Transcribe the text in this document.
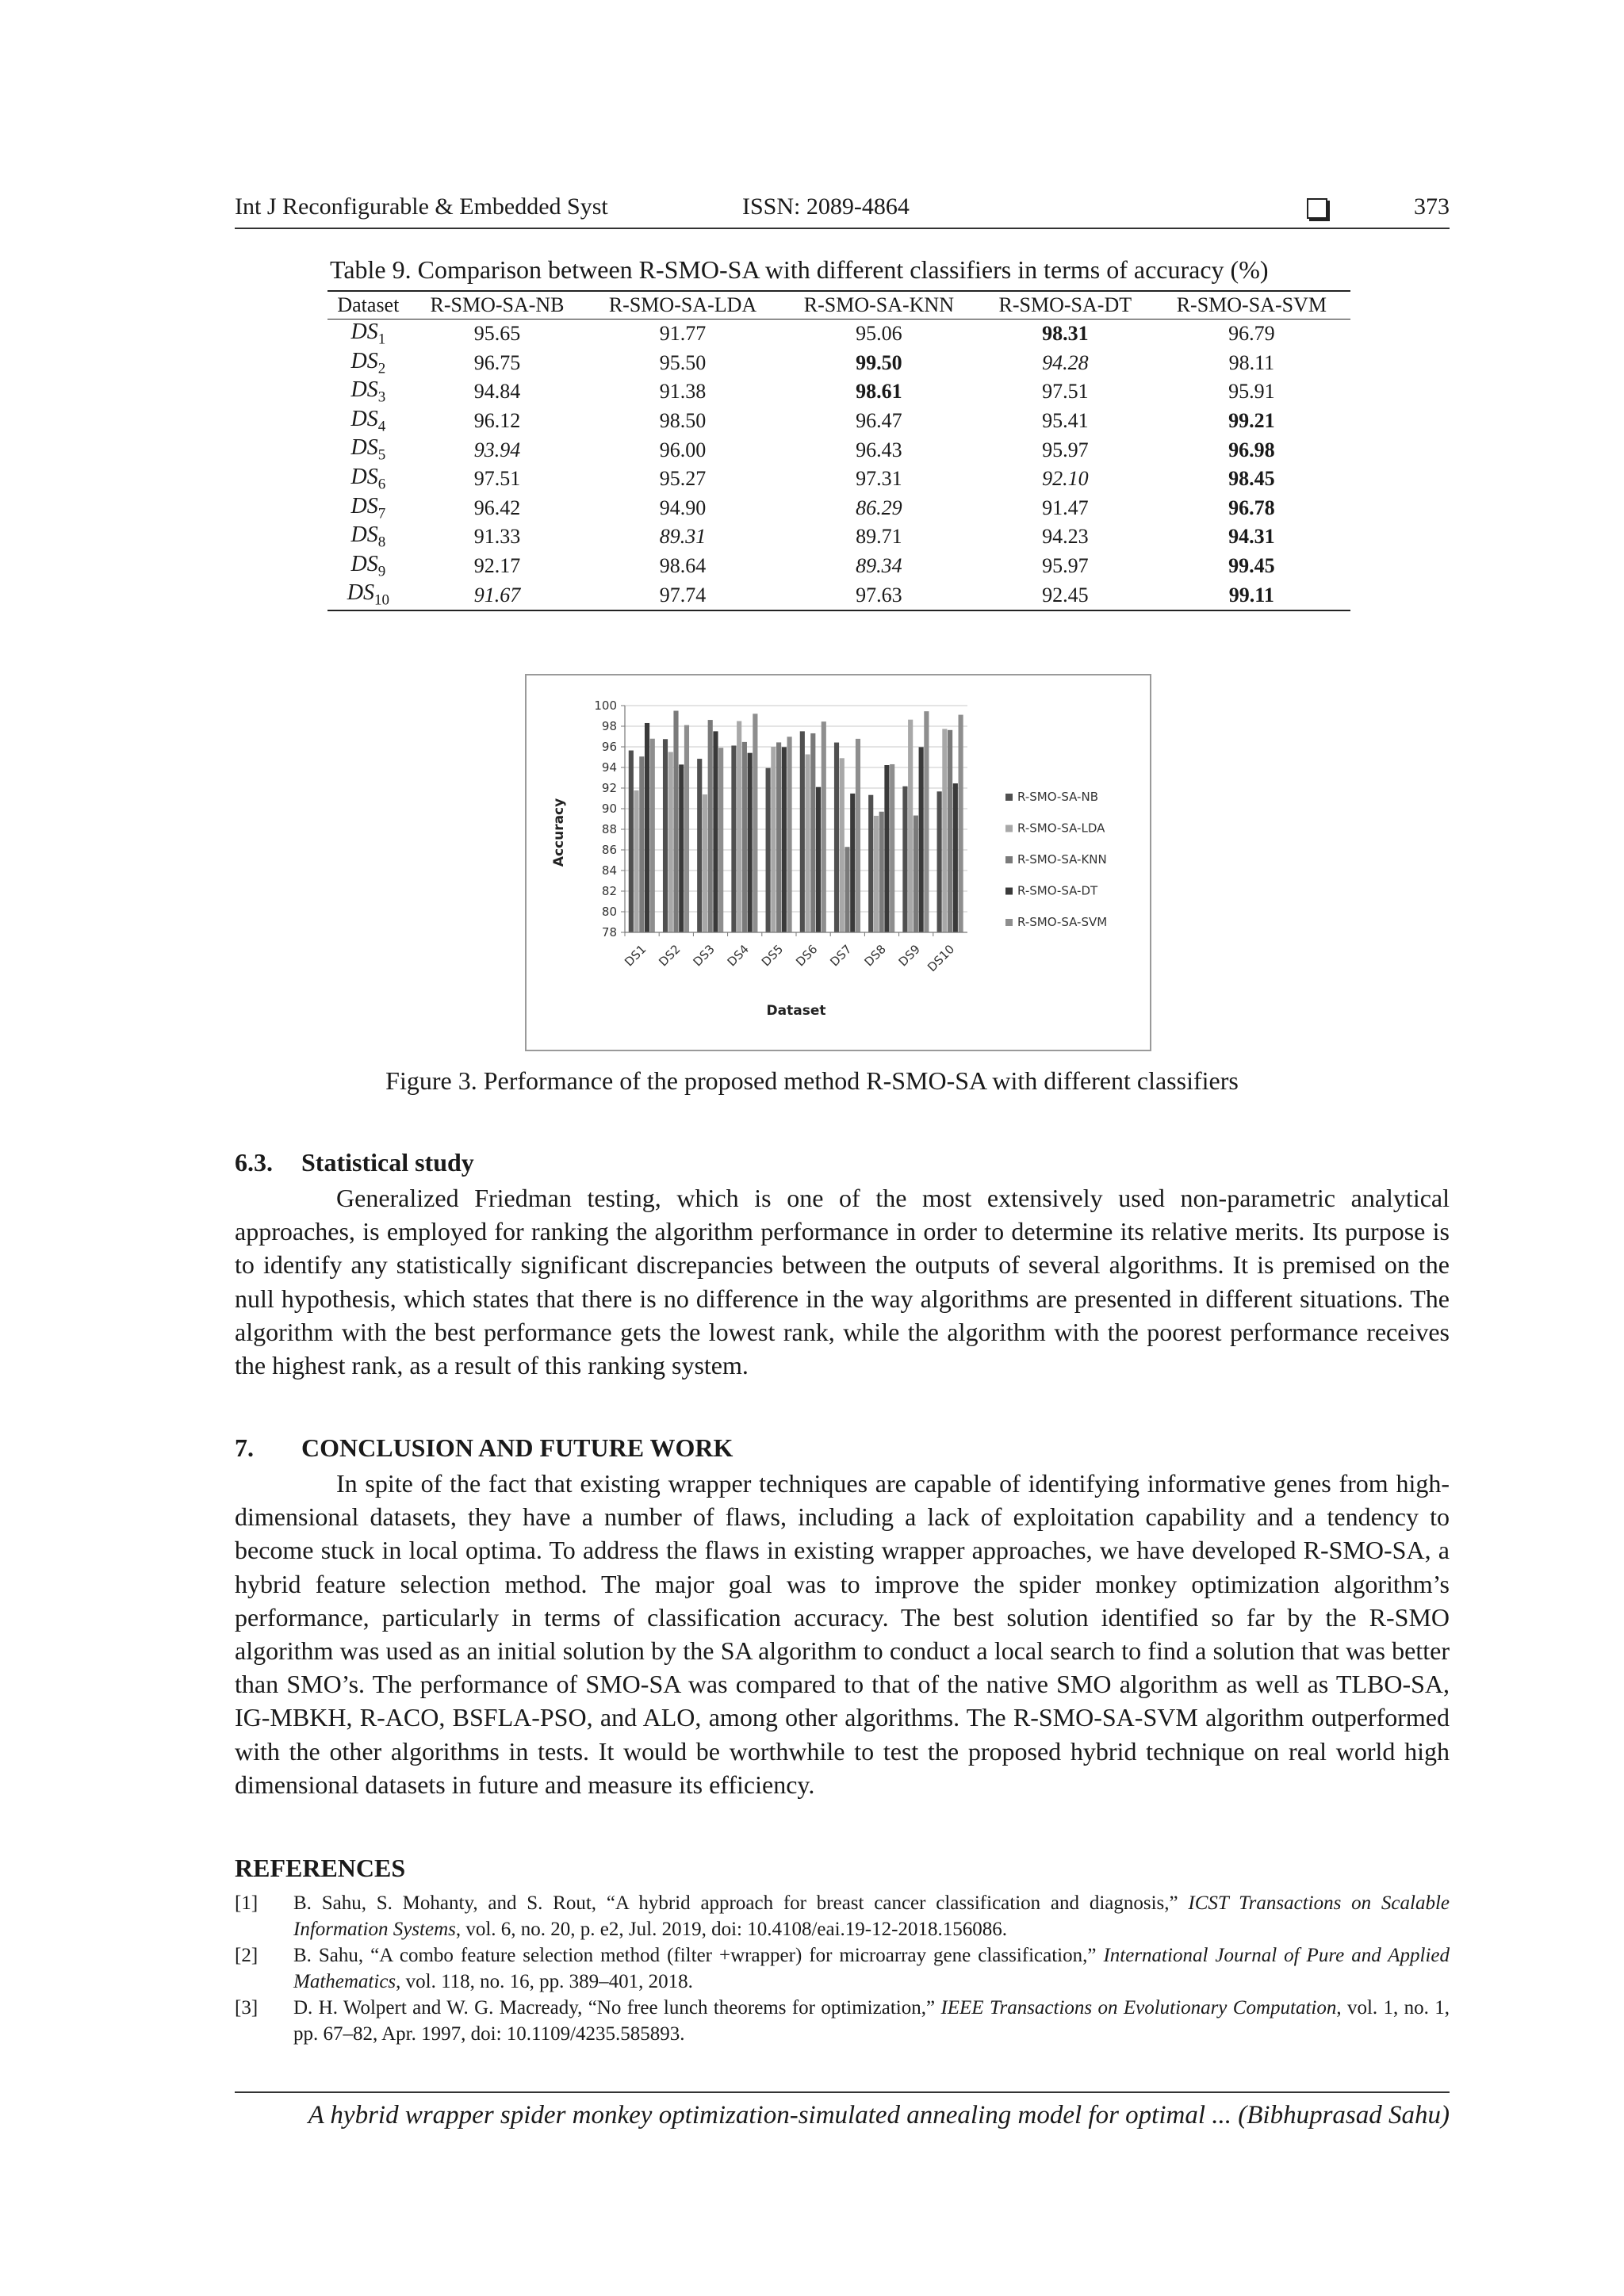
Int J Reconfigurable & Embedded Syst	ISSN: 2089-4864	373
Table 9. Comparison between R-SMO-SA with different classifiers in terms of accuracy (%)
Dataset	R-SMO-SA-NB	R-SMO-SA-LDA	R-SMO-SA-KNN	R-SMO-SA-DT	R-SMO-SA-SVM
$DS_1$	95.65	91.77	95.06	98.31	96.79
$DS_2$	96.75	95.50	99.50	94.28	98.11
$DS_3$	94.84	91.38	98.61	97.51	95.91
$DS_4$	96.12	98.50	96.47	95.41	99.21
$DS_5$	93.94	96.00	96.43	95.97	96.98
$DS_6$	97.51	95.27	97.31	92.10	98.45
$DS_7$	96.42	94.90	86.29	91.47	96.78
$DS_8$	91.33	89.31	89.71	94.23	94.31
$DS_9$	92.17	98.64	89.34	95.97	99.45
$DS_{10}$	91.67	97.74	97.63	92.45	99.11
78
80
82
84
86
88
90
92
94
96
98
100
DS1 DS2 DS3 DS4 DS5 DS6 DS7 DS8 DS9 DS10
R-SMO-SA-NB
R-SMO-SA-LDA
R-SMO-SA-KNN
R-SMO-SA-DT
R-SMO-SA-SVM
Accuracy
Dataset
Figure 3. Performance of the proposed method R-SMO-SA with different classifiers
6.3. Statistical study

Generalized Friedman testing, which is one of the most extensively used non-parametric analytical approaches, is employed for ranking the algorithm performance in order to determine its relative merits. Its purpose is to identify any statistically significant discrepancies between the outputs of several algorithms. It is premised on the null hypothesis, which states that there is no difference in the way algorithms are presented in different situations. The algorithm with the best performance gets the lowest rank, while the algorithm with the poorest performance receives the highest rank, as a result of this ranking system.

7. CONCLUSION AND FUTURE WORK

In spite of the fact that existing wrapper techniques are capable of identifying informative genes from high-dimensional datasets, they have a number of flaws, including a lack of exploitation capability and a tendency to become stuck in local optima. To address the flaws in existing wrapper approaches, we have developed R-SMO-SA, a hybrid feature selection method. The major goal was to improve the spider monkey optimization algorithm’s performance, particularly in terms of classification accuracy. The best solution identified so far by the R-SMO algorithm was used as an initial solution by the SA algorithm to conduct a local search to find a solution that was better than SMO’s. The performance of SMO-SA was compared to that of the native SMO algorithm as well as TLBO-SA, IG-MBKH, R-ACO, BSFLA-PSO, and ALO, among other algorithms. The R-SMO-SA-SVM algorithm outperformed with the other algorithms in tests. It would be worthwhile to test the proposed hybrid technique on real world high dimensional datasets in future and measure its efficiency.

REFERENCES
[1]	B. Sahu, S. Mohanty, and S. Rout, “A hybrid approach for breast cancer classification and diagnosis,” ICST Transactions on Scalable Information Systems, vol. 6, no. 20, p. e2, Jul. 2019, doi: 10.4108/eai.19-12-2018.156086.
[2]	B. Sahu, “A combo feature selection method (filter +wrapper) for microarray gene classification,” International Journal of Pure and Applied Mathematics, vol. 118, no. 16, pp. 389–401, 2018.
[3]	D. H. Wolpert and W. G. Macready, “No free lunch theorems for optimization,” IEEE Transactions on Evolutionary Computation, vol. 1, no. 1, pp. 67–82, Apr. 1997, doi: 10.1109/4235.585893.
A hybrid wrapper spider monkey optimization-simulated annealing model for optimal ... (Bibhuprasad Sahu)
